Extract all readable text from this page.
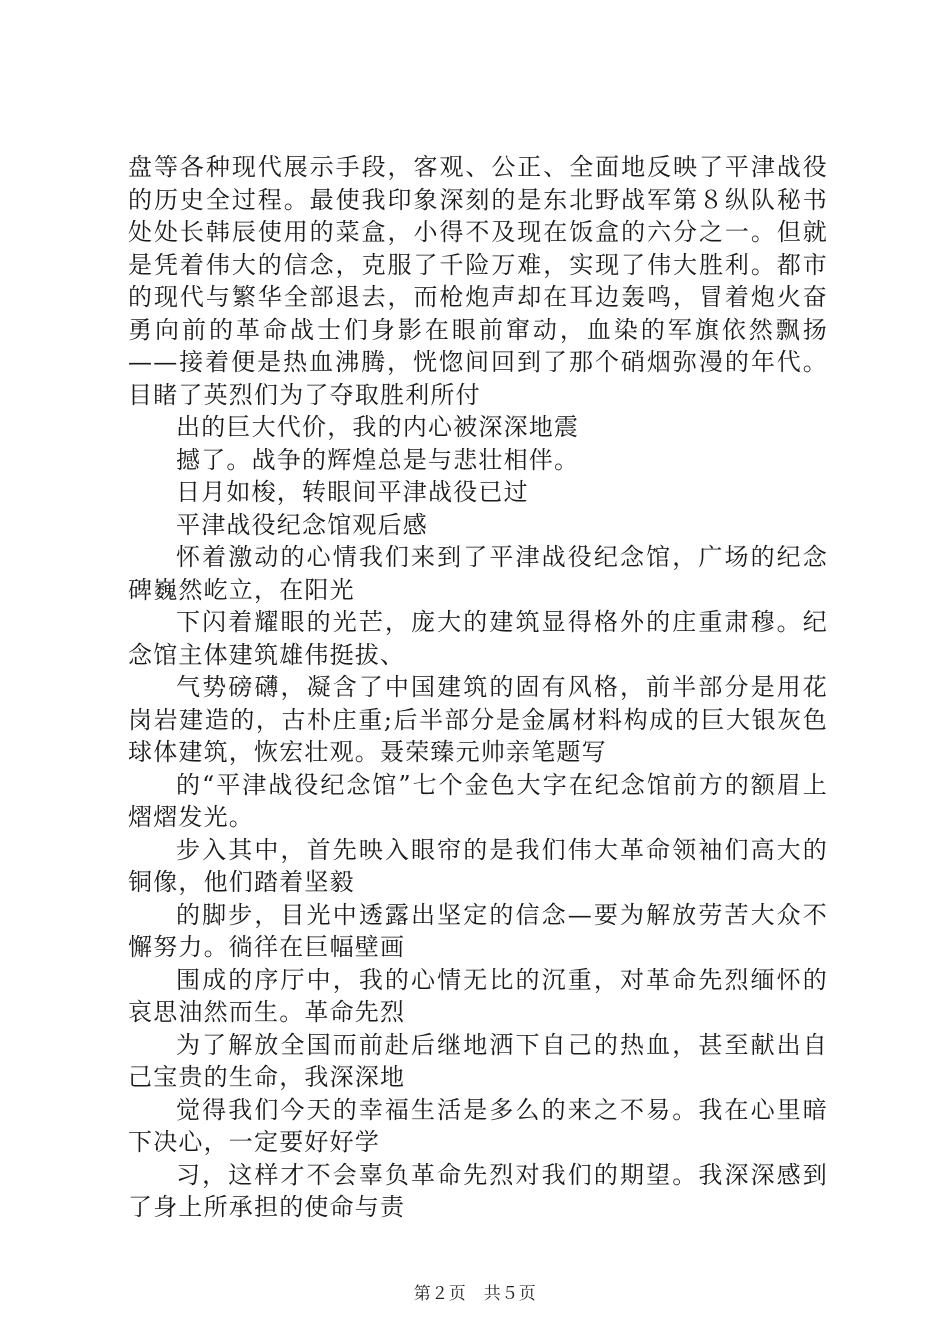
盘等各种现代展示手段，客观、公正、全面地反映了平津战役的历史全过程。最使我印象深刻的是东北野战军第８纵队秘书处处长韩辰使用的菜盒，小得不及现在饭盒的六分之一。但就是凭着伟大的信念，克服了千险万难，实现了伟大胜利。都市的现代与繁华全部退去，而枪炮声却在耳边轰鸣，冒着炮火奋勇向前的革命战士们身影在眼前窜动，血染的军旗依然飘扬——接着便是热血沸腾，恍惚间回到了那个硝烟弥漫的年代。目睹了英烈们为了夺取胜利所付

出的巨大代价，我的内心被深深地震

撼了。战争的辉煌总是与悲壮相伴。

日月如梭，转眼间平津战役已过

平津战役纪念馆观后感

怀着激动的心情我们来到了平津战役纪念馆，广场的纪念碑巍然屹立，在阳光

下闪着耀眼的光芒，庞大的建筑显得格外的庄重肃穆。纪念馆主体建筑雄伟挺拔、

气势磅礴，凝含了中国建筑的固有风格，前半部分是用花岗岩建造的，古朴庄重;后半部分是金属材料构成的巨大银灰色球体建筑，恢宏壮观。聂荣臻元帅亲笔题写

的“平津战役纪念馆”七个金色大字在纪念馆前方的额眉上熠熠发光。

步入其中，首先映入眼帘的是我们伟大革命领袖们高大的铜像，他们踏着坚毅

的脚步，目光中透露出坚定的信念—要为解放劳苦大众不懈努力。徜徉在巨幅壁画

围成的序厅中，我的心情无比的沉重，对革命先烈缅怀的哀思油然而生。革命先烈

为了解放全国而前赴后继地洒下自己的热血，甚至献出自己宝贵的生命，我深深地

觉得我们今天的幸福生活是多么的来之不易。我在心里暗下决心，一定要好好学

习，这样才不会辜负革命先烈对我们的期望。我深深感到了身上所承担的使命与责

第２页　共５页
